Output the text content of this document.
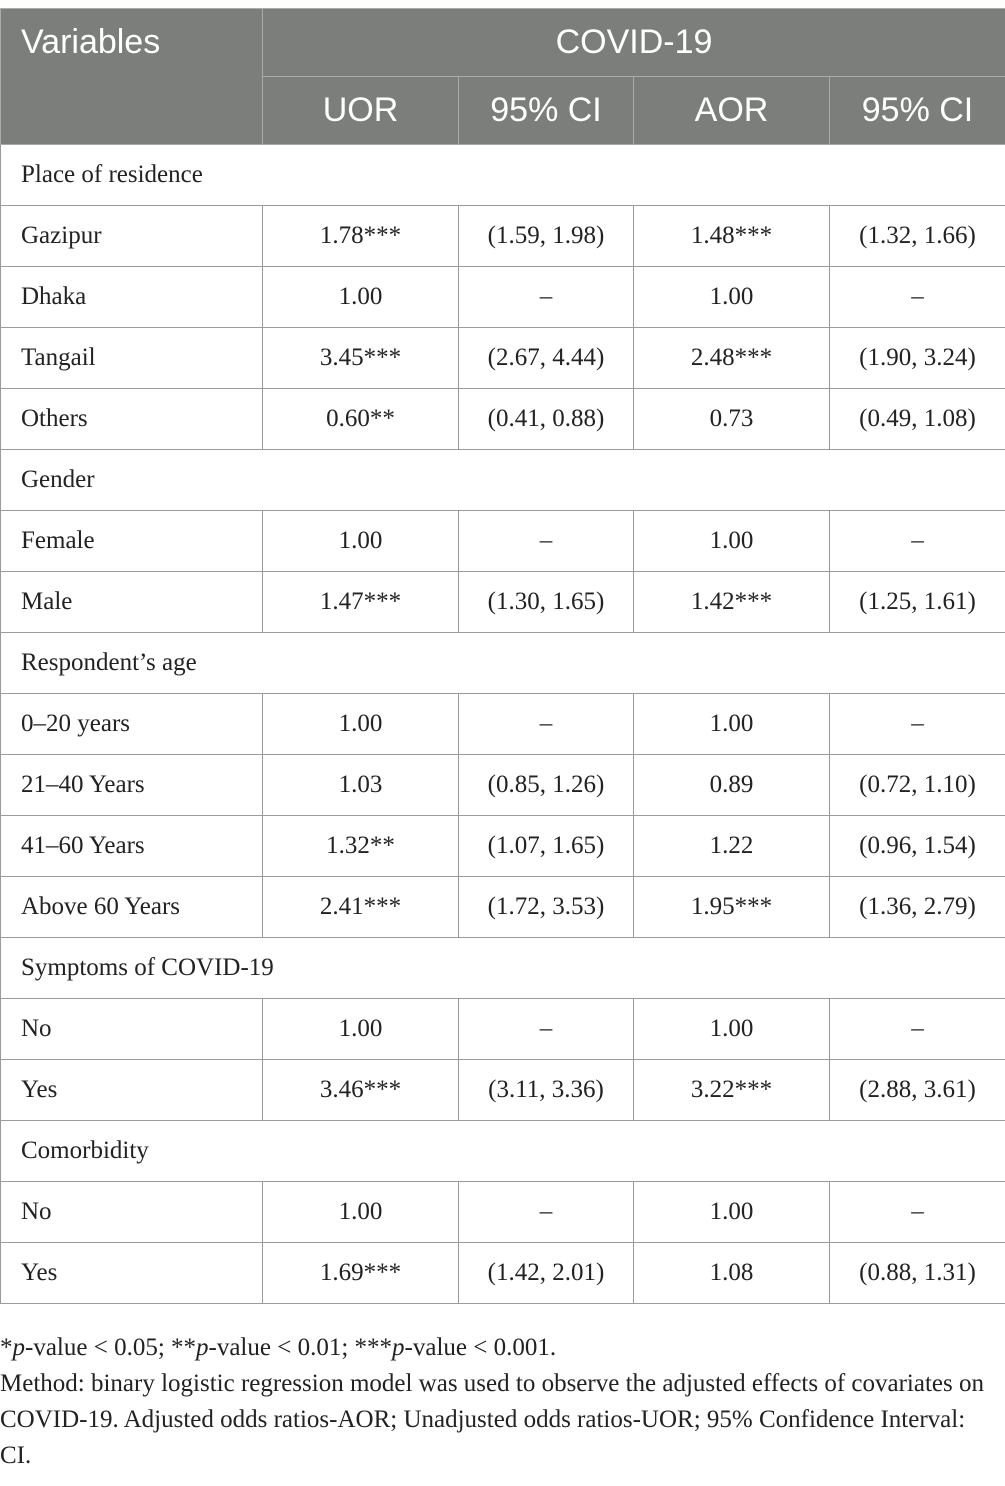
Variables	COVID-19			
	UOR	95% CI	AOR	95% CI
Place of residence				
Gazipur	1.78***	(1.59, 1.98)	1.48***	(1.32, 1.66)
Dhaka	1.00	–	1.00	–
Tangail	3.45***	(2.67, 4.44)	2.48***	(1.90, 3.24)
Others	0.60**	(0.41, 0.88)	0.73	(0.49, 1.08)
Gender				
Female	1.00	–	1.00	–
Male	1.47***	(1.30, 1.65)	1.42***	(1.25, 1.61)
Respondent’s age				
0–20 years	1.00	–	1.00	–
21–40 Years	1.03	(0.85, 1.26)	0.89	(0.72, 1.10)
41–60 Years	1.32**	(1.07, 1.65)	1.22	(0.96, 1.54)
Above 60 Years	2.41***	(1.72, 3.53)	1.95***	(1.36, 2.79)
Symptoms of COVID-19				
No	1.00	–	1.00	–
Yes	3.46***	(3.11, 3.36)	3.22***	(2.88, 3.61)
Comorbidity				
No	1.00	–	1.00	–
Yes	1.69***	(1.42, 2.01)	1.08	(0.88, 1.31)

*p-value < 0.05; **p-value < 0.01; ***p-value < 0.001.

Method: binary logistic regression model was used to observe the adjusted effects of covariates on COVID-19. Adjusted odds ratios-AOR; Unadjusted odds ratios-UOR; 95% Confidence Interval: CI.
